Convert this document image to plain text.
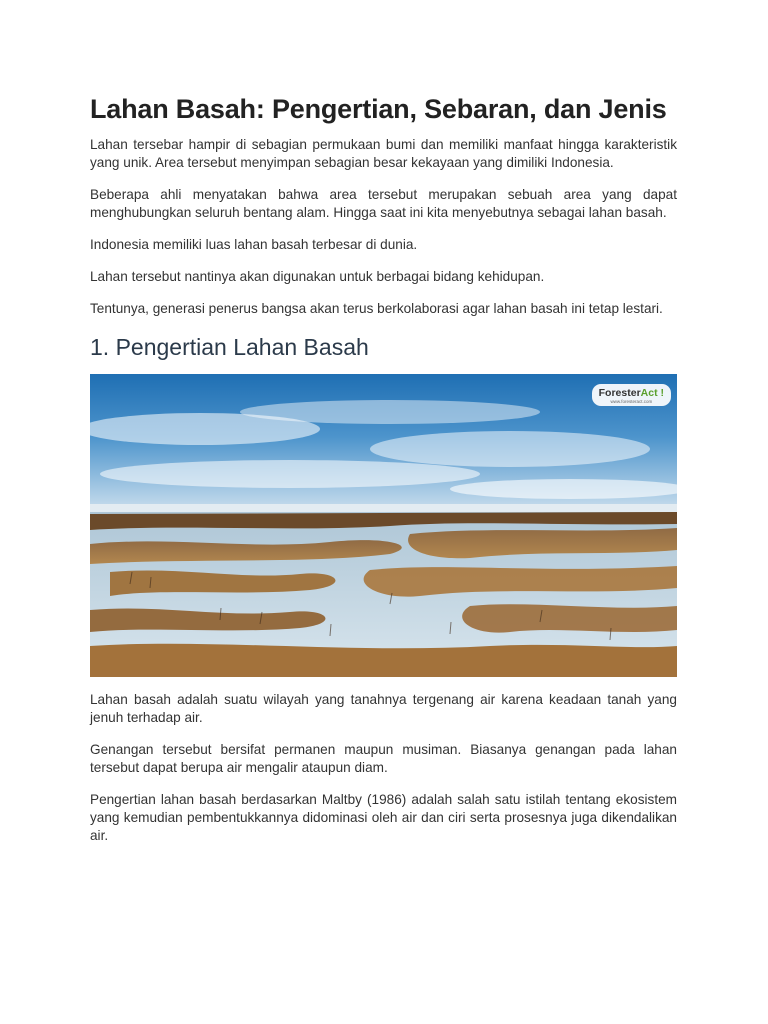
Lahan Basah: Pengertian, Sebaran, dan Jenis

Lahan tersebar hampir di sebagian permukaan bumi dan memiliki manfaat hingga karakteristik yang unik. Area tersebut menyimpan sebagian besar kekayaan yang dimiliki Indonesia.

Beberapa ahli menyatakan bahwa area tersebut merupakan sebuah area yang dapat menghubungkan seluruh bentang alam. Hingga saat ini kita menyebutnya sebagai lahan basah.

Indonesia memiliki luas lahan basah terbesar di dunia.

Lahan tersebut nantinya akan digunakan untuk berbagai bidang kehidupan.

Tentunya, generasi penerus bangsa akan terus berkolaborasi agar lahan basah ini tetap lestari.

1. Pengertian Lahan Basah
ForesterAct !
www.foresteract.com

Lahan basah adalah suatu wilayah yang tanahnya tergenang air karena keadaan tanah yang jenuh terhadap air.

Genangan tersebut bersifat permanen maupun musiman. Biasanya genangan pada lahan tersebut dapat berupa air mengalir ataupun diam.

Pengertian lahan basah berdasarkan Maltby (1986) adalah salah satu istilah tentang ekosistem yang kemudian pembentukkannya didominasi oleh air dan ciri serta prosesnya juga dikendalikan air.
